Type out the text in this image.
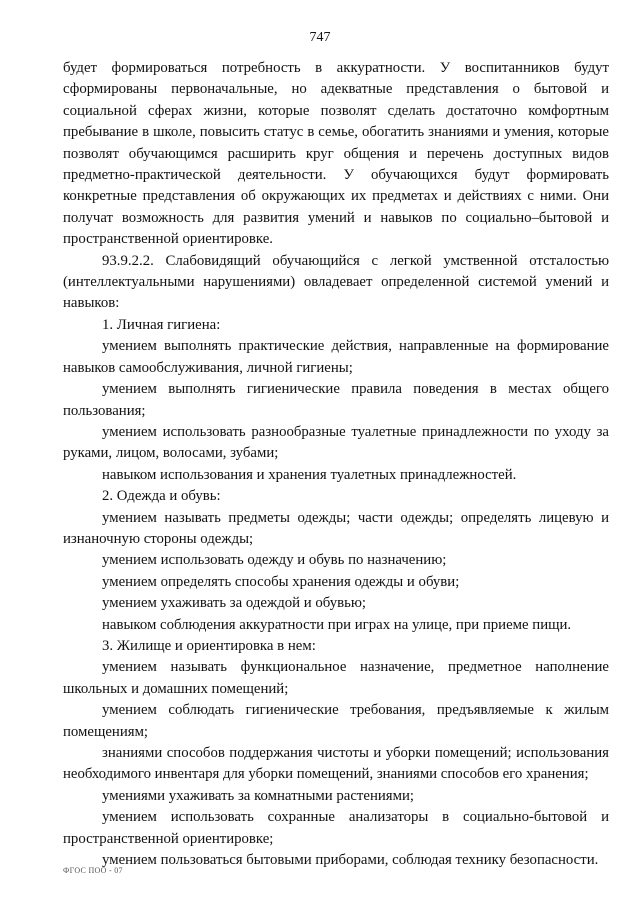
747

будет формироваться потребность в аккуратности. У воспитанников будут сформированы первоначальные, но адекватные представления о бытовой и социальной сферах жизни, которые позволят сделать достаточно комфортным пребывание в школе, повысить статус в семье, обогатить знаниями и умения, которые позволят обучающимся расширить круг общения и перечень доступных видов предметно-практической деятельности. У обучающихся будут формировать конкретные представления об окружающих их предметах и действиях с ними. Они получат возможность для развития умений и навыков по социально–бытовой и пространственной ориентировке.

93.9.2.2. Слабовидящий обучающийся с легкой умственной отсталостью (интеллектуальными нарушениями) овладевает определенной системой умений и навыков:

1. Личная гигиена:

умением выполнять практические действия, направленные на формирование навыков самообслуживания, личной гигиены;

умением выполнять гигиенические правила поведения в местах общего пользования;

умением использовать разнообразные туалетные принадлежности по уходу за руками, лицом, волосами, зубами;

навыком использования и хранения туалетных принадлежностей.

2. Одежда и обувь:

умением называть предметы одежды; части одежды; определять лицевую и изнаночную стороны одежды;

умением использовать одежду и обувь по назначению;

умением определять способы хранения одежды и обуви;

умением ухаживать за одеждой и обувью;

навыком соблюдения аккуратности при играх на улице, при приеме пищи.

3. Жилище и ориентировка в нем:

умением называть функциональное назначение, предметное наполнение школьных и домашних помещений;

умением соблюдать гигиенические требования, предъявляемые к жилым помещениям;

знаниями способов поддержания чистоты и уборки помещений; использования необходимого инвентаря для уборки помещений, знаниями способов его хранения;

умениями ухаживать за комнатными растениями;

умением использовать сохранные анализаторы в социально-бытовой и пространственной ориентировке;

умением пользоваться бытовыми приборами, соблюдая технику безопасности.

ФГОС ПОО - 07
